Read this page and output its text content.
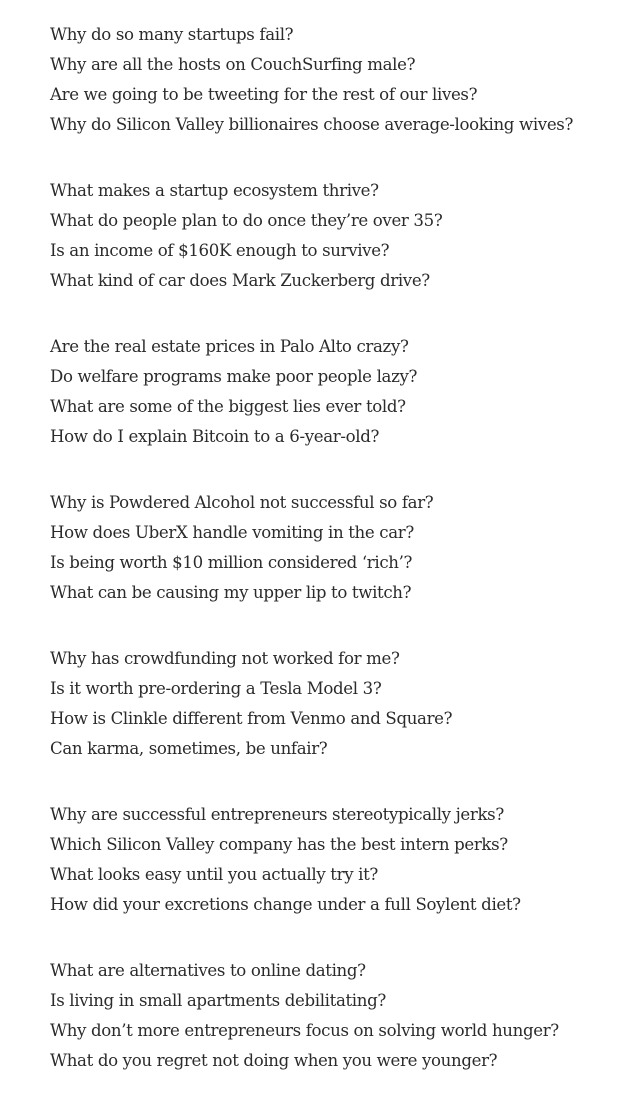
Why do so many startups fail?
Why are all the hosts on CouchSurfing male?
Are we going to be tweeting for the rest of our lives?
Why do Silicon Valley billionaires choose average-looking wives?
What makes a startup ecosystem thrive?
What do people plan to do once they’re over 35?
Is an income of $160K enough to survive?
What kind of car does Mark Zuckerberg drive?
Are the real estate prices in Palo Alto crazy?
Do welfare programs make poor people lazy?
What are some of the biggest lies ever told?
How do I explain Bitcoin to a 6-year-old?
Why is Powdered Alcohol not successful so far?
How does UberX handle vomiting in the car?
Is being worth $10 million considered ‘rich’?
What can be causing my upper lip to twitch?
Why has crowdfunding not worked for me?
Is it worth pre-ordering a Tesla Model 3?
How is Clinkle different from Venmo and Square?
Can karma, sometimes, be unfair?
Why are successful entrepreneurs stereotypically jerks?
Which Silicon Valley company has the best intern perks?
What looks easy until you actually try it?
How did your excretions change under a full Soylent diet?
What are alternatives to online dating?
Is living in small apartments debilitating?
Why don’t more entrepreneurs focus on solving world hunger?
What do you regret not doing when you were younger?
